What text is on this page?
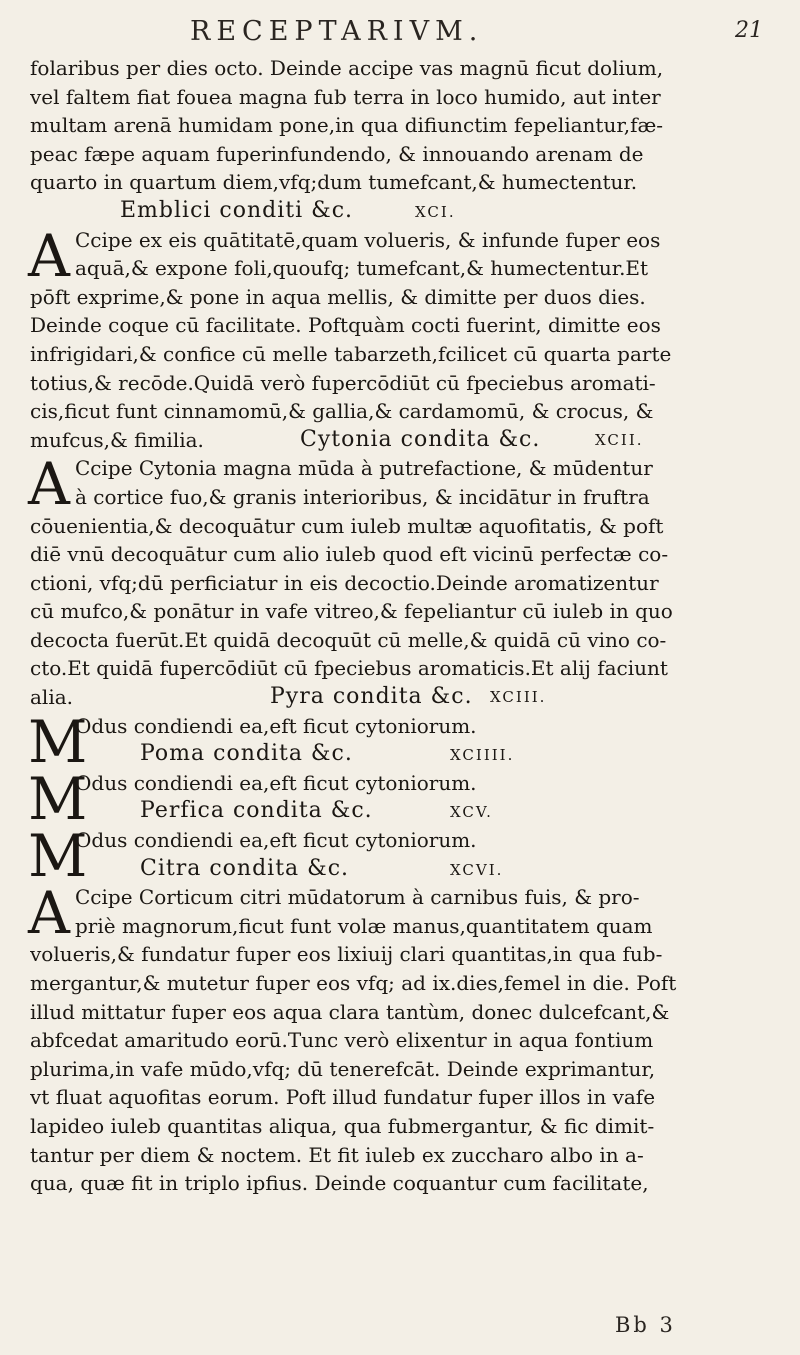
RECEPTARIVM.	21
folaribus per dies octo. Deinde accipe vas magnū ficut dolium,
vel faltem fiat fouea magna fub terra in loco humido, aut inter
multam arenā humidam pone,in qua difiunctim fepeliantur,fæ-
peac fæpe aquam fuperinfundendo, & innouando arenam de
quarto in quartum diem,vfq;dum tumefcant,& humectentur.
Emblici conditi &c.	XCI.
A Ccipe ex eis quātitatē,quam volueris, & infunde fuper eos
aquā,& expone foli,quoufq; tumefcant,& humectentur.Et
pōft exprime,& pone in aqua mellis, & dimitte per duos dies.
Deinde coque cū facilitate. Poftquàm cocti fuerint, dimitte eos
infrigidari,& confice cū melle tabarzeth,fcilicet cū quarta parte
totius,& recōde.Quidā verò fupercōdiūt cū fpeciebus aromati-
cis,ficut funt cinnamomū,& gallia,& cardamomū, & crocus, &
mufcus,& fimilia.	Cytonia condita &c.	XCII.
A Ccipe Cytonia magna mūda à putrefactione, & mūdentur
à cortice fuo,& granis interioribus, & incidātur in fruftra
cōuenientia,& decoquātur cum iuleb multæ aquofitatis, & poft
diē vnū decoquātur cum alio iuleb quod eft vicinū perfectæ co-
ctioni, vfq;dū perficiatur in eis decoctio.Deinde aromatizentur
cū mufco,& ponātur in vafe vitreo,& fepeliantur cū iuleb in quo
decocta fuerūt.Et quidā decoquūt cū melle,& quidā cū vino co-
cto.Et quidā fupercōdiūt cū fpeciebus aromaticis.Et alij faciunt
alia.	Pyra condita &c. XCIII.
M
Odus condiendi ea,eft ficut cytoniorum.
Poma condita &c.	XCIIII.
M
Odus condiendi ea,eft ficut cytoniorum.
Perfica condita &c.	XCV.
M
Odus condiendi ea,eft ficut cytoniorum.
Citra condita &c.	XCVI.
A Ccipe Corticum citri mūdatorum à carnibus fuis, & pro-
priè magnorum,ficut funt volæ manus,quantitatem quam
volueris,& fundatur fuper eos lixiuij clari quantitas,in qua fub-
mergantur,& mutetur fuper eos vfq; ad ix.dies,femel in die. Poft
illud mittatur fuper eos aqua clara tantùm, donec dulcefcant,&
abfcedat amaritudo eorū.Tunc verò elixentur in aqua fontium
plurima,in vafe mūdo,vfq; dū tenerefcāt. Deinde exprimantur,
vt fluat aquofitas eorum. Poft illud fundatur fuper illos in vafe
lapideo iuleb quantitas aliqua, qua fubmergantur, & fic dimit-
tantur per diem & noctem. Et fit iuleb ex zuccharo albo in a-
qua, quæ fit in triplo ipfius. Deinde coquantur cum facilitate,
Bb 3
